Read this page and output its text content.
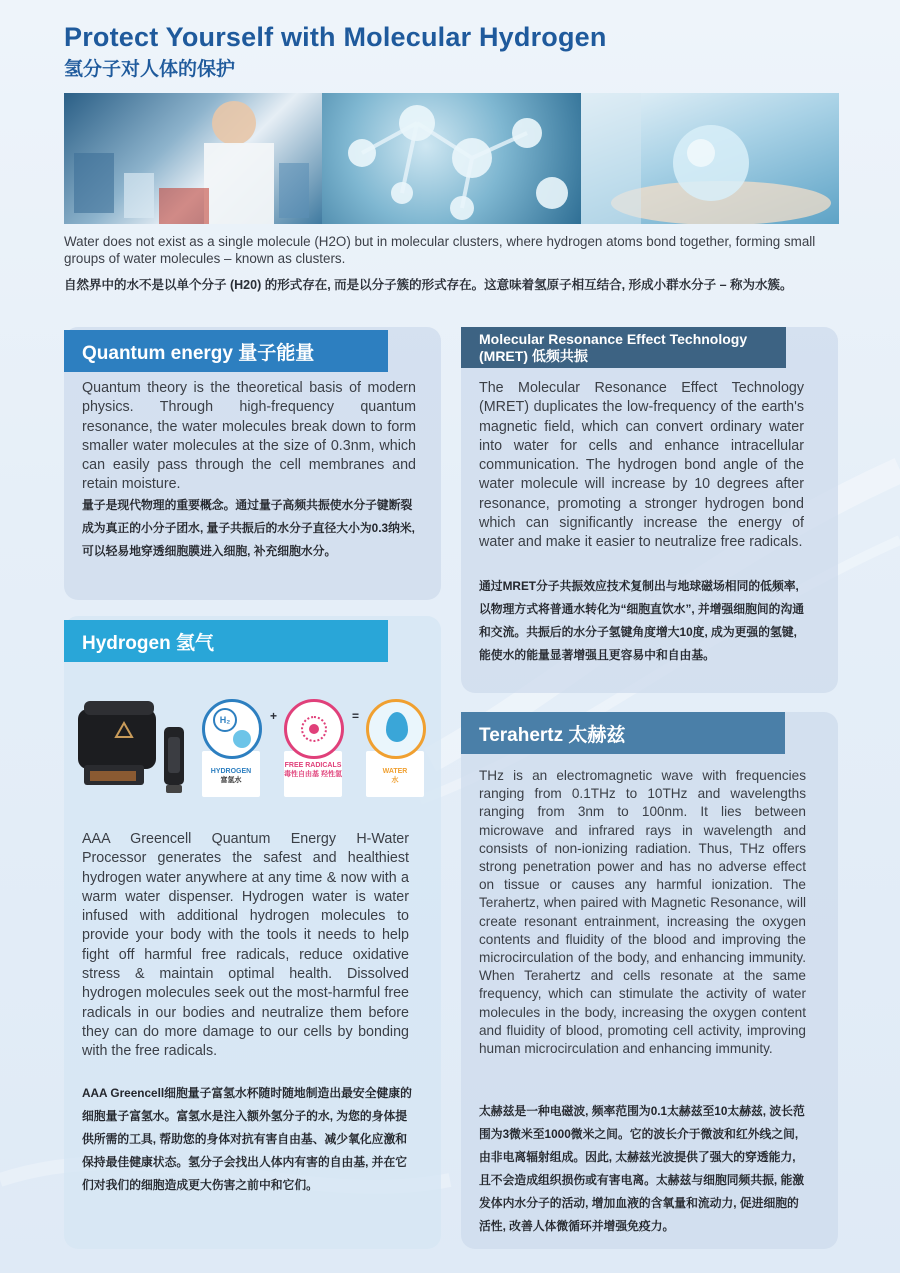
Protect Yourself with Molecular Hydrogen
氢分子对人体的保护
Water does not exist as a single molecule (H2O) but in molecular clusters, where hydrogen atoms bond together, forming small groups of water molecules – known as clusters.
自然界中的水不是以单个分子 (H20) 的形式存在, 而是以分子簇的形式存在。这意味着氢原子相互结合, 形成小群水分子 – 称为水簇。
Quantum energy 量子能量
Quantum theory is the theoretical basis of modern physics. Through high-frequency quantum resonance, the water molecules break down to form smaller water molecules at the size of 0.3nm, which can easily pass through the cell membranes and retain moisture.
量子是现代物理的重要概念。通过量子高频共振使水分子键断裂成为真正的小分子团水, 量子共振后的水分子直径大小为0.3纳米, 可以轻易地穿透细胞膜进入细胞, 补充细胞水分。
Molecular Resonance Effect Technology
(MRET) 低频共振
The Molecular Resonance Effect Technology (MRET) duplicates the low-frequency of the earth's magnetic field, which can convert ordinary water into water for cells and enhance intracellular communication. The hydrogen bond angle of the water molecule will increase by 10 degrees after resonance, promoting a stronger hydrogen bond which can significantly increase the energy of water and make it easier to neutralize free radicals.
通过MRET分子共振效应技术复制出与地球磁场相同的低频率, 以物理方式将普通水转化为“细胞直饮水”, 并增强细胞间的沟通和交流。共振后的水分子氢键角度增大10度, 成为更强的氢键, 能使水的能量显著增强且更容易中和自由基。
Hydrogen 氢气
AAA Greencell Quantum Energy H-Water Processor generates the safest and healthiest hydrogen water anywhere at any time & now with a warm water dispenser. Hydrogen water is water infused with additional hydrogen molecules to provide your body with the tools it needs to help fight off harmful free radicals, reduce oxidative stress & maintain optimal health. Dissolved hydrogen molecules seek out the most-harmful free radicals in our bodies and neutralize them before they can do more damage to our cells by bonding with the free radicals.
AAA Greencell细胞量子富氢水杯随时随地制造出最安全健康的细胞量子富氢水。富氢水是注入额外氢分子的水, 为您的身体提供所需的工具, 帮助您的身体对抗有害自由基、减少氧化应激和保持最佳健康状态。氢分子会找出人体内有害的自由基, 并在它们对我们的细胞造成更大伤害之前中和它们。
H₂	+	=
HYDROGEN
富氢水
FREE RADICALS
毒性自由基 羟性氢	WATER
水
Terahertz 太赫兹
THz is an electromagnetic wave with frequencies ranging from 0.1THz to 10THz and wavelengths ranging from 3nm to 100nm. It lies between microwave and infrared rays in wavelength and consists of non-ionizing radiation. Thus, THz offers strong penetration power and has no adverse effect on tissue or causes any harmful ionization. The Terahertz, when paired with Magnetic Resonance, will create resonant entrainment, increasing the oxygen contents and fluidity of the blood and improving the microcirculation of the body, and enhancing immunity. When Terahertz and cells resonate at the same frequency, which can stimulate the activity of water molecules in the body, increasing the oxygen content and fluidity of blood, promoting cell activity, improving human microcirculation and enhancing immunity.
太赫兹是一种电磁波, 频率范围为0.1太赫兹至10太赫兹, 波长范围为3微米至1000微米之间。它的波长介于微波和红外线之间, 由非电离辐射组成。因此, 太赫兹光波提供了强大的穿透能力, 且不会造成组织损伤或有害电离。太赫兹与细胞同频共振, 能激发体内水分子的活动, 增加血液的含氧量和流动力, 促进细胞的活性, 改善人体微循环并增强免疫力。
